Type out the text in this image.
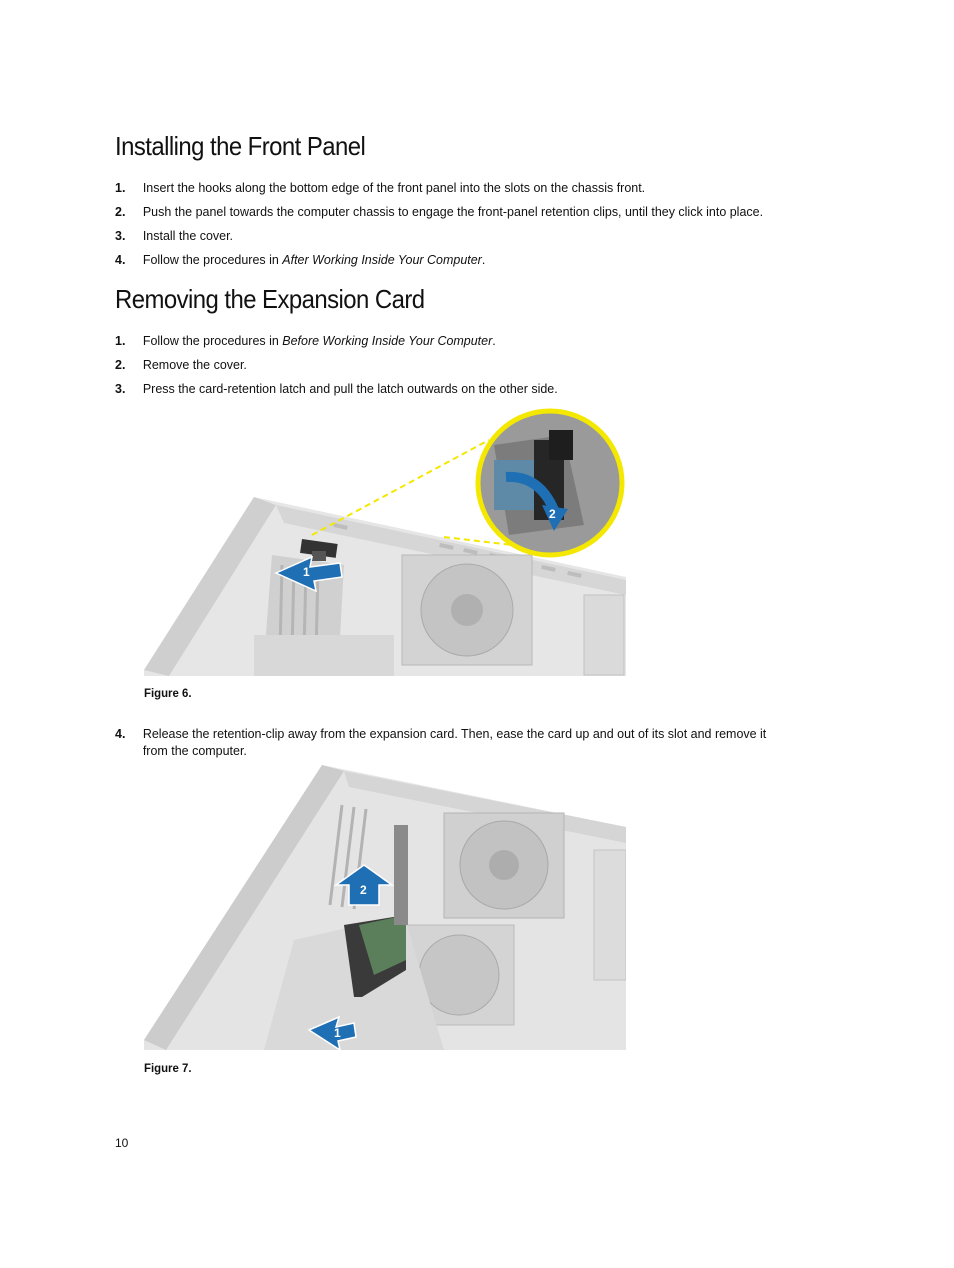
Installing the Front Panel
1. Insert the hooks along the bottom edge of the front panel into the slots on the chassis front.
2. Push the panel towards the computer chassis to engage the front-panel retention clips, until they click into place.
3. Install the cover.
4. Follow the procedures in After Working Inside Your Computer.
Removing the Expansion Card
1. Follow the procedures in Before Working Inside Your Computer.
2. Remove the cover.
3. Press the card-retention latch and pull the latch outwards on the other side.
1
2
Figure 6.
4. Release the retention-clip away from the expansion card. Then, ease the card up and out of its slot and remove it from the computer.
2
1
Figure 7.
10
